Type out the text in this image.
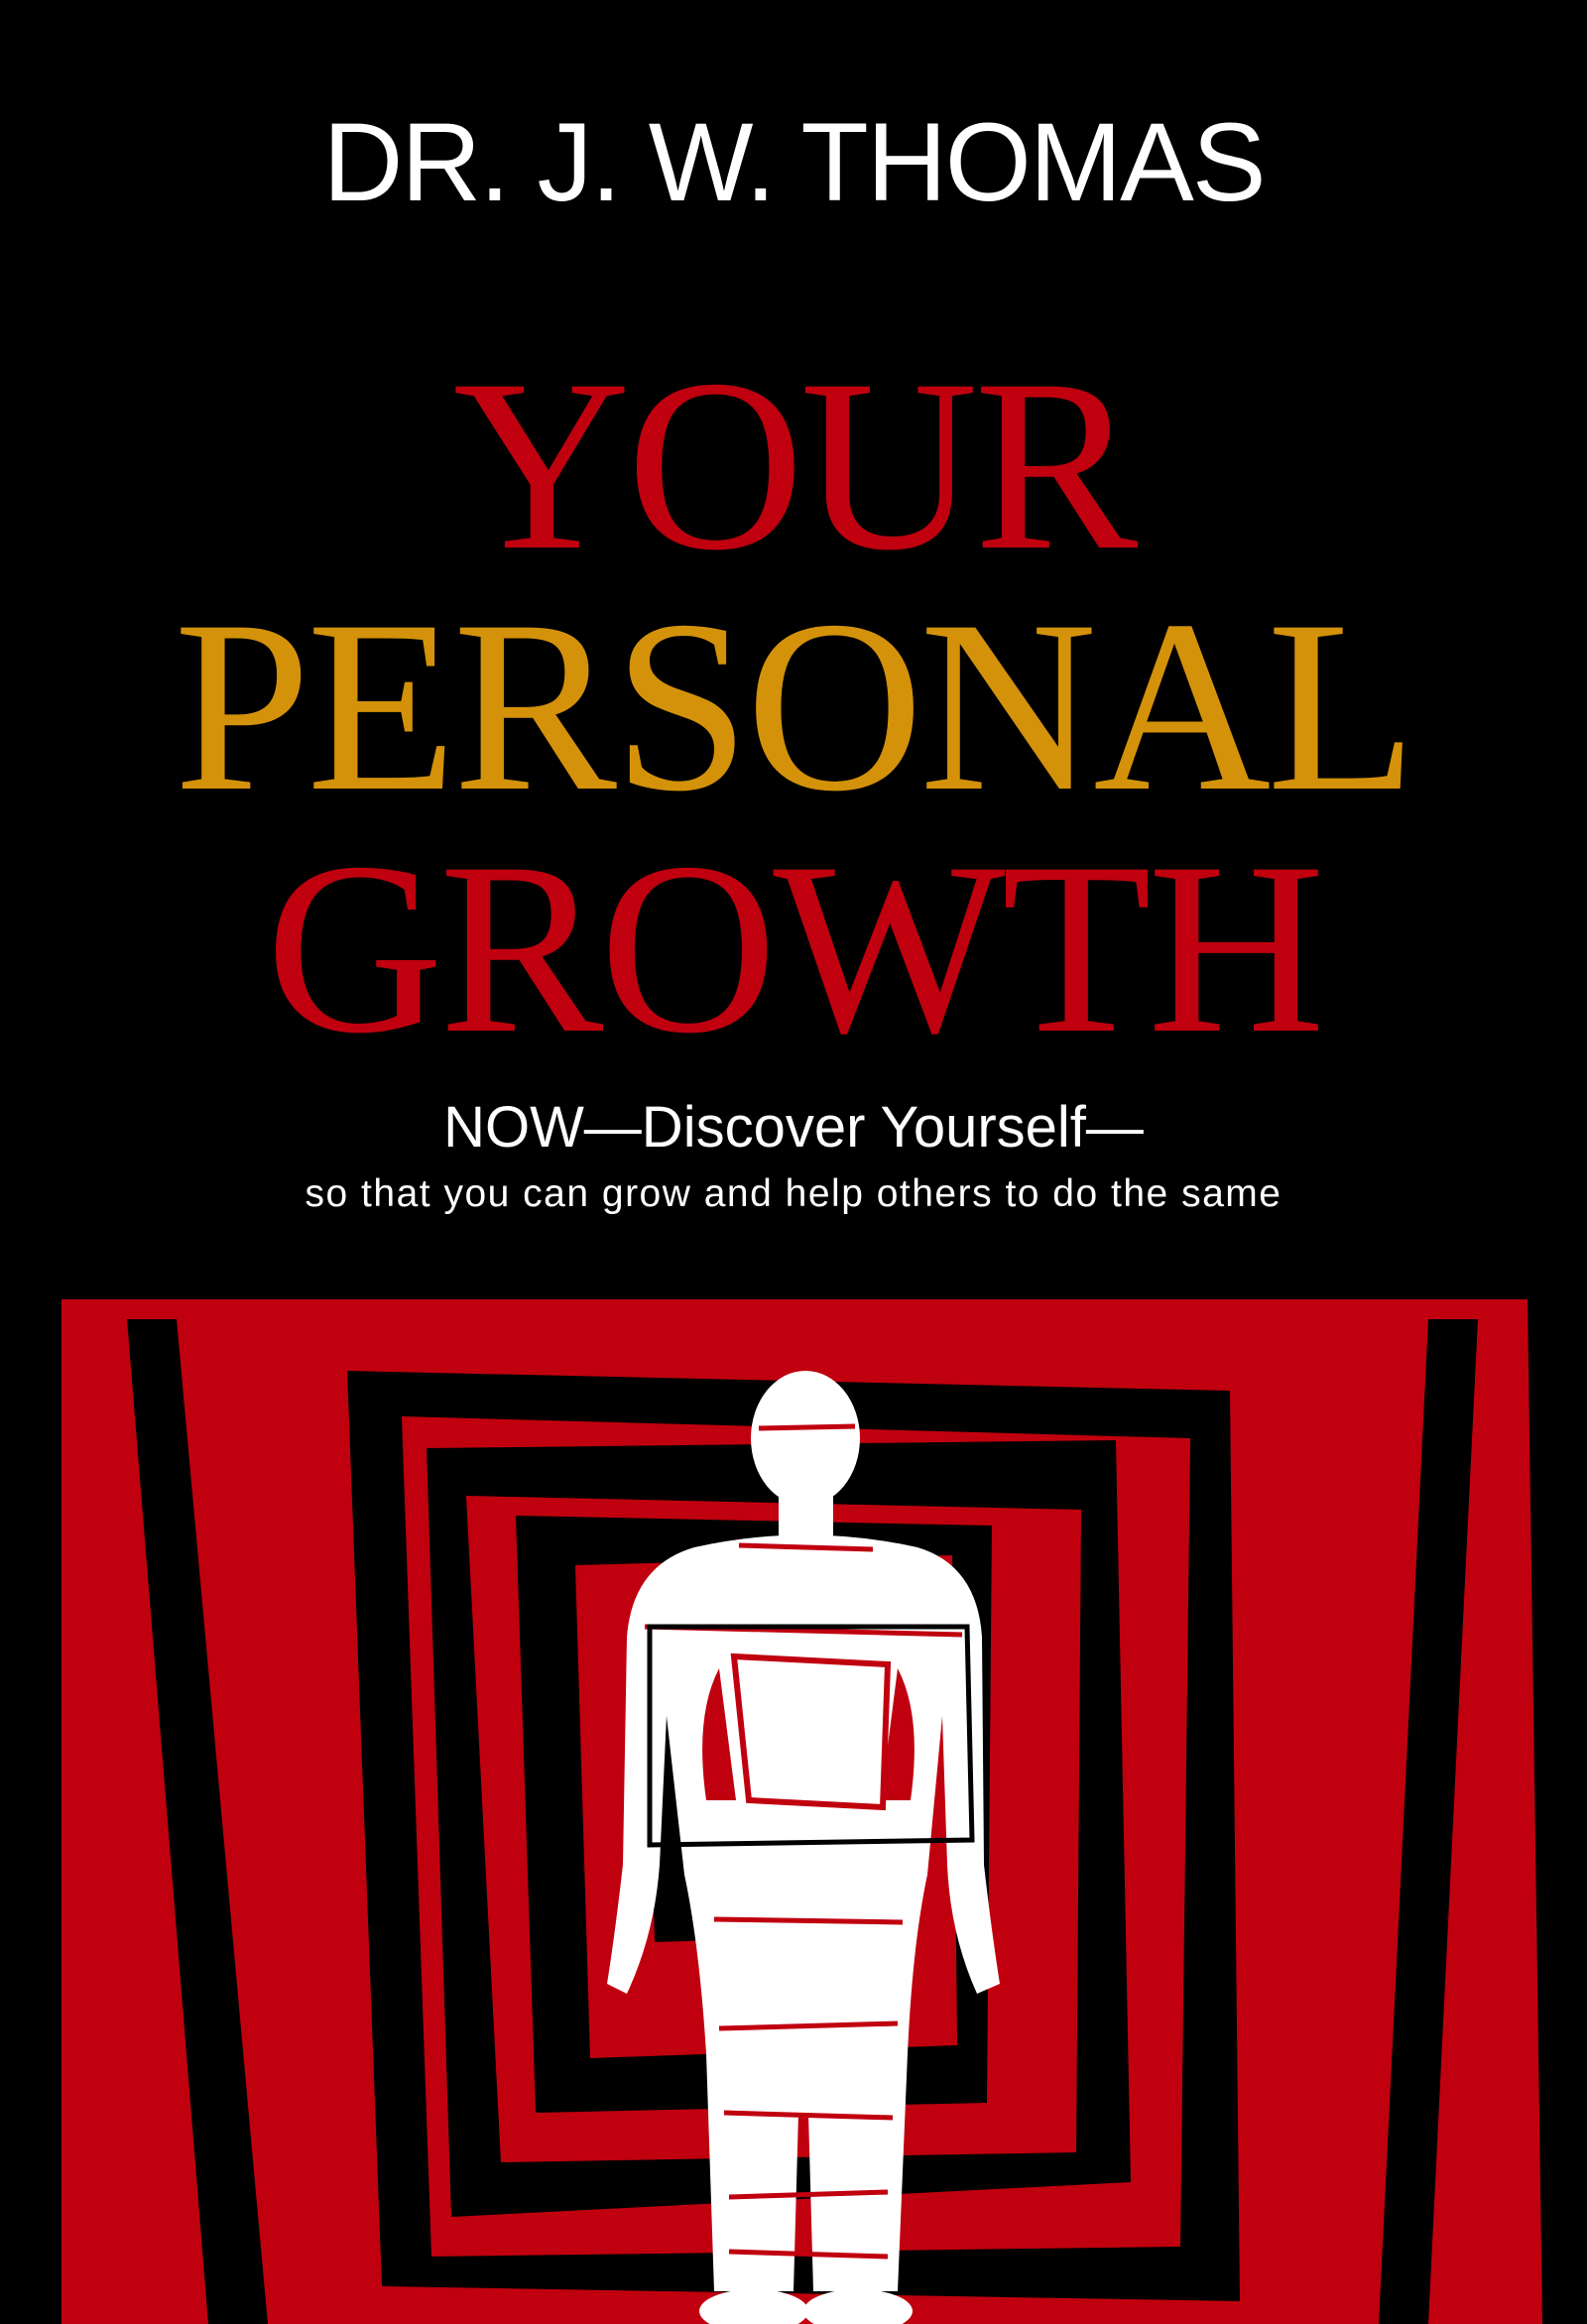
DR. J. W. THOMAS
YOUR
PERSONAL
GROWTH
NOW—Discover Yourself—
so that you can grow and help others to do the same
